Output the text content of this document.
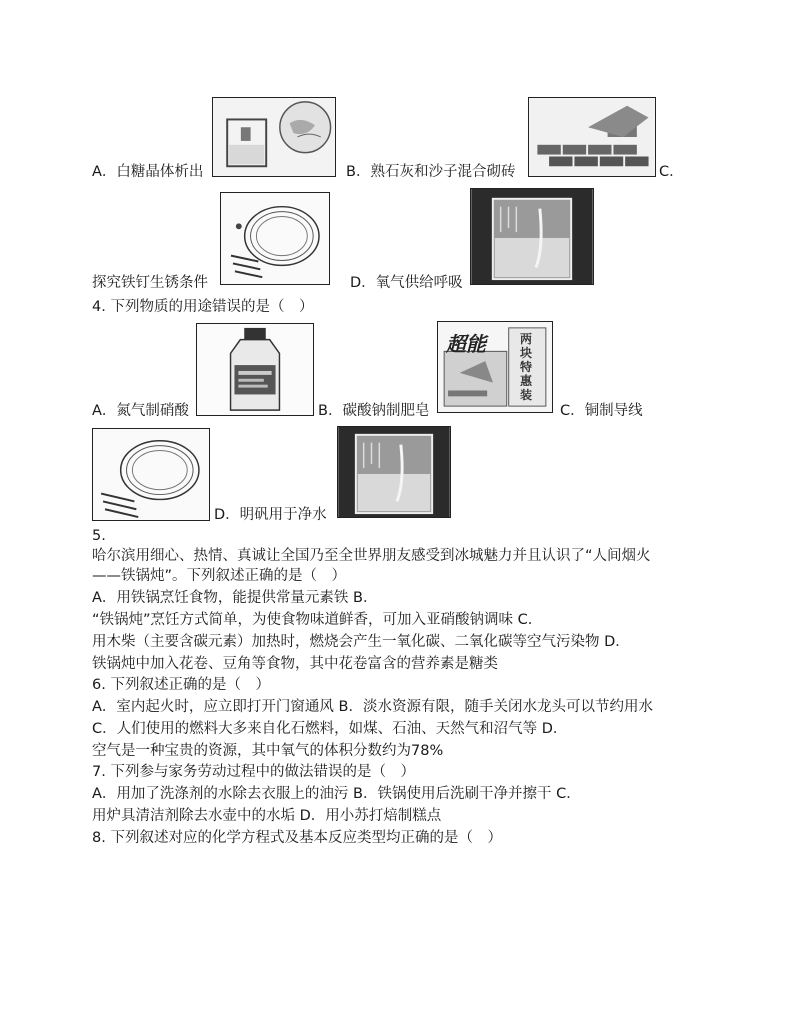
A．白糖晶体析出	B．熟石灰和沙子混合砌砖	C．
探究铁钉生锈条件	D．氧气供给呼吸
4. 下列物质的用途错误的是（　）
A．氮气制硝酸
超能	两块特惠装
B．碳酸钠制肥皂	C．铜制导线
D．明矾用于净水
5.
哈尔滨用细心、热情、真诚让全国乃至全世界朋友感受到冰城魅力并且认识了“人间烟火
——铁锅炖”。下列叙述正确的是（　）
A．用铁锅烹饪食物，能提供常量元素铁 B．
“铁锅炖”烹饪方式简单，为使食物味道鲜香，可加入亚硝酸钠调味 C．
用木柴（主要含碳元素）加热时，燃烧会产生一氧化碳、二氧化碳等空气污染物 D．
铁锅炖中加入花卷、豆角等食物，其中花卷富含的营养素是糖类
6. 下列叙述正确的是（　）
A．室内起火时，应立即打开门窗通风 B．淡水资源有限，随手关闭水龙头可以节约用水
C．人们使用的燃料大多来自化石燃料，如煤、石油、天然气和沼气等 D．
空气是一种宝贵的资源，其中氧气的体积分数约为78%
7. 下列参与家务劳动过程中的做法错误的是（　）
A．用加了洗涤剂的水除去衣服上的油污 B．铁锅使用后洗刷干净并擦干 C．
用炉具清洁剂除去水壶中的水垢 D．用小苏打焙制糕点
8. 下列叙述对应的化学方程式及基本反应类型均正确的是（　）
